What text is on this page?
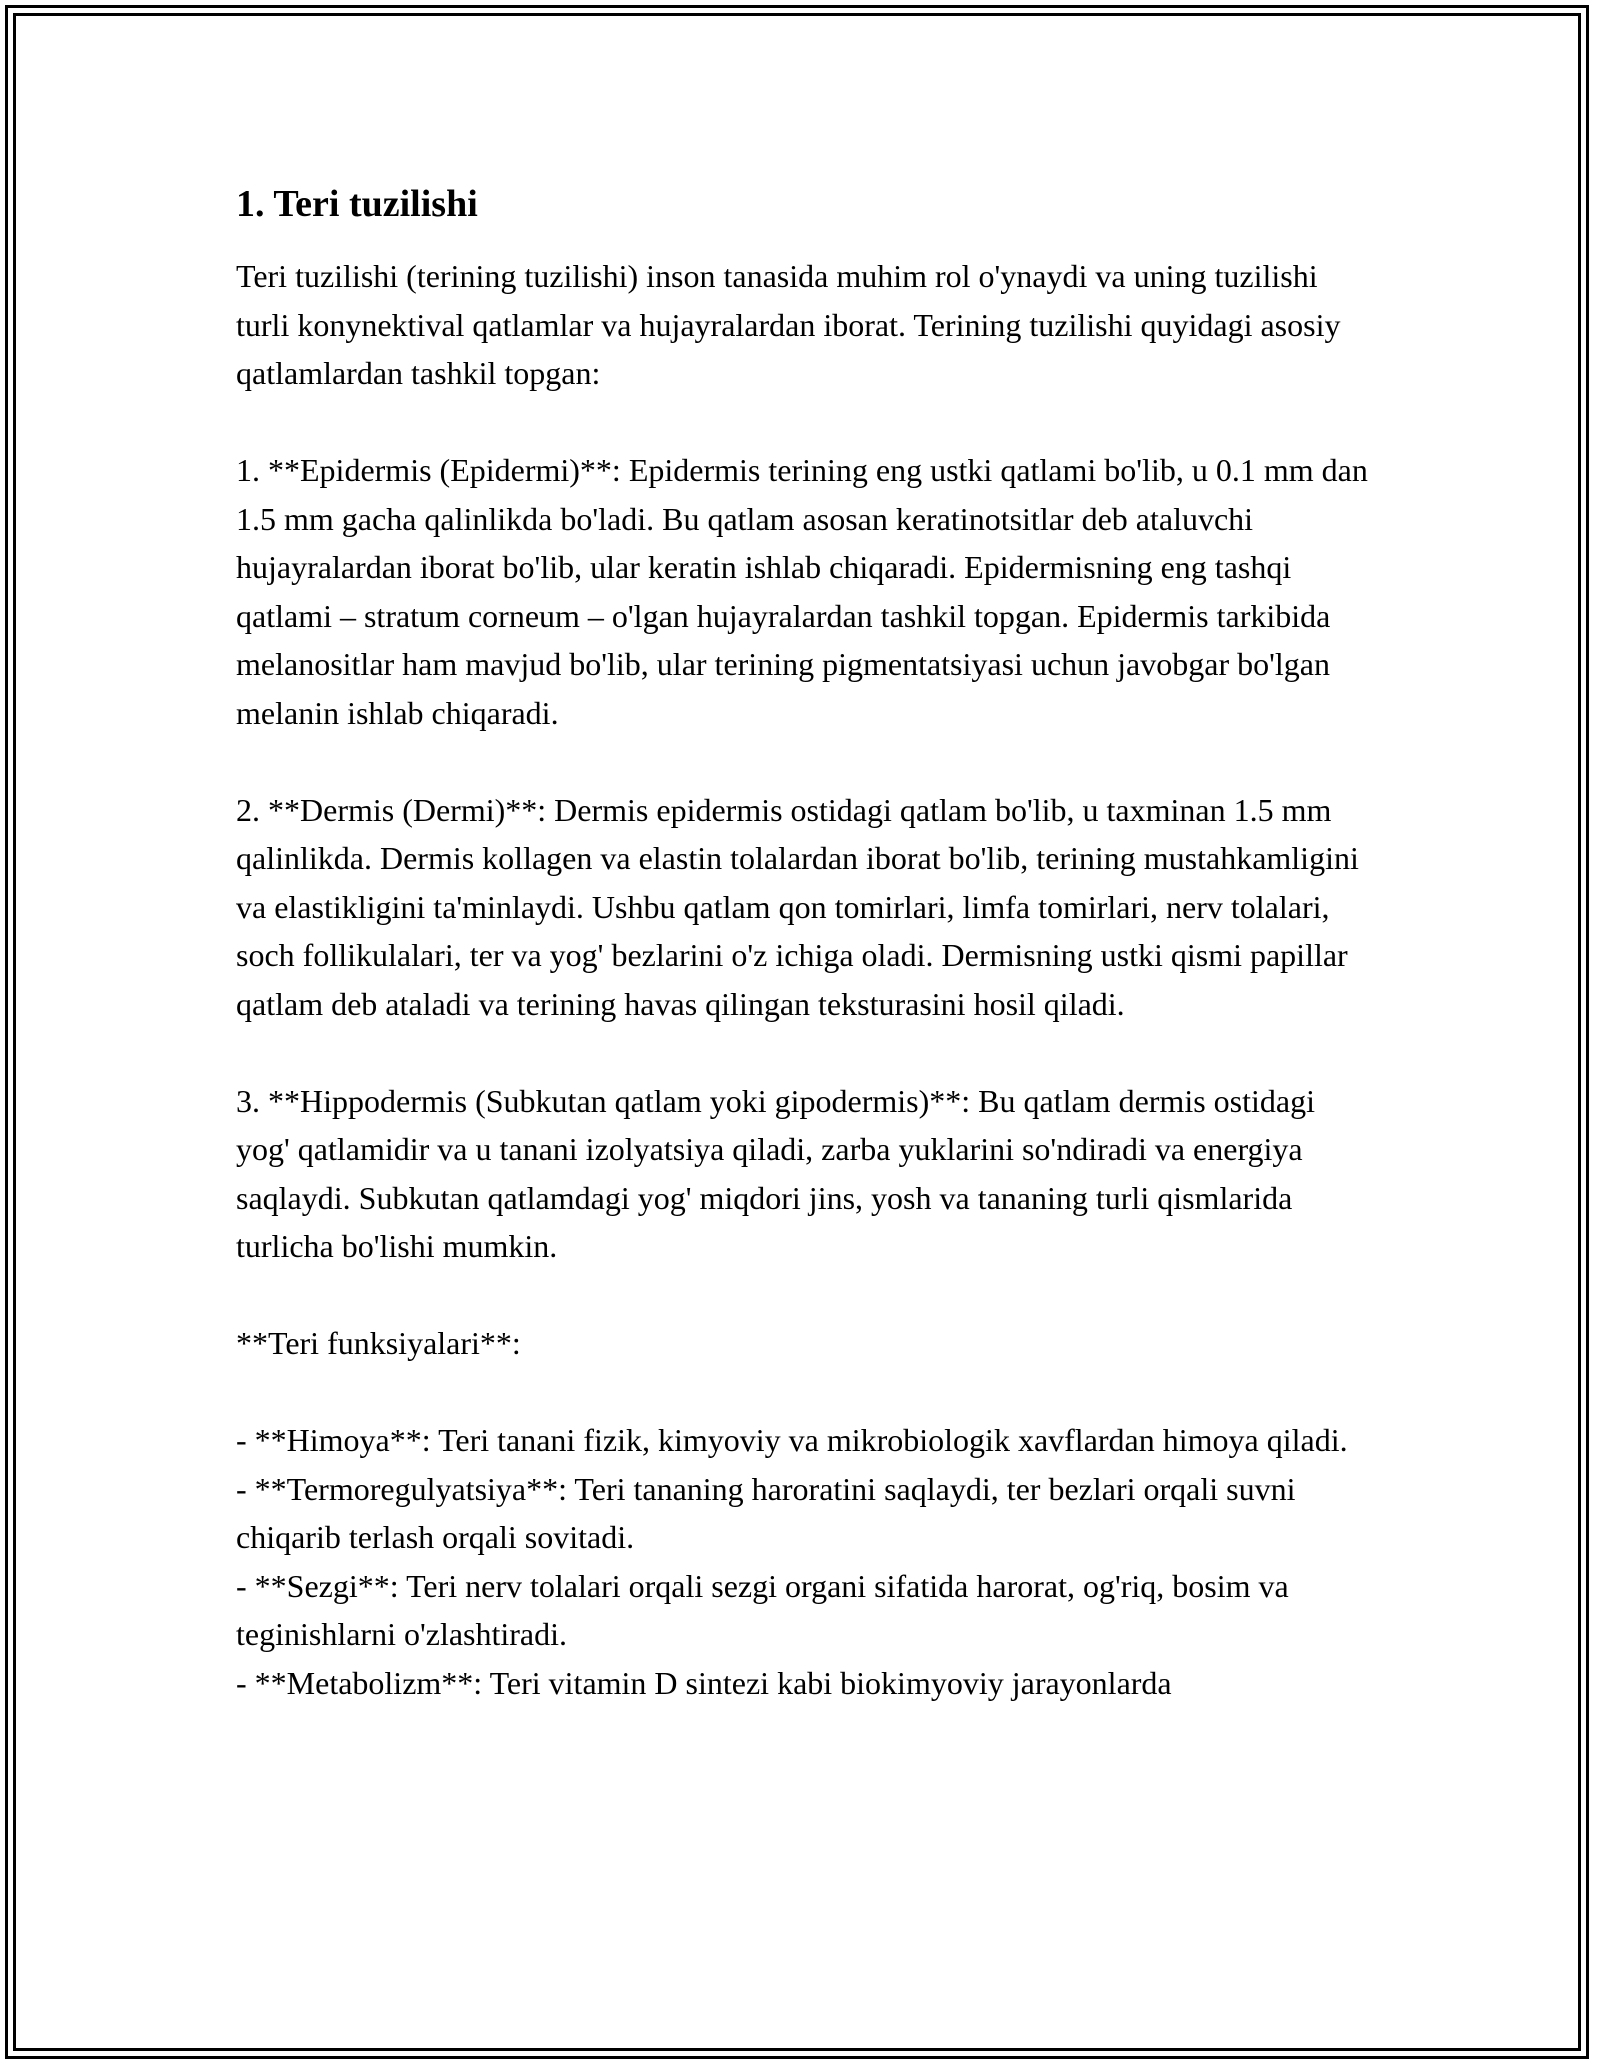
1. Teri tuzilishi

Teri tuzilishi (terining tuzilishi) inson tanasida muhim rol o'ynaydi va uning tuzilishi turli konynektival qatlamlar va hujayralardan iborat. Terining tuzilishi quyidagi asosiy qatlamlardan tashkil topgan:

1. **Epidermis (Epidermi)**: Epidermis terining eng ustki qatlami bo'lib, u 0.1 mm dan 1.5 mm gacha qalinlikda bo'ladi. Bu qatlam asosan keratinotsitlar deb ataluvchi hujayralardan iborat bo'lib, ular keratin ishlab chiqaradi. Epidermisning eng tashqi qatlami – stratum corneum – o'lgan hujayralardan tashkil topgan. Epidermis tarkibida melanositlar ham mavjud bo'lib, ular terining pigmentatsiyasi uchun javobgar bo'lgan melanin ishlab chiqaradi.

2. **Dermis (Dermi)**: Dermis epidermis ostidagi qatlam bo'lib, u taxminan 1.5 mm qalinlikda. Dermis kollagen va elastin tolalardan iborat bo'lib, terining mustahkamligini va elastikligini ta'minlaydi. Ushbu qatlam qon tomirlari, limfa tomirlari, nerv tolalari, soch follikulalari, ter va yog' bezlarini o'z ichiga oladi. Dermisning ustki qismi papillar qatlam deb ataladi va terining havas qilingan teksturasini hosil qiladi.

3. **Hippodermis (Subkutan qatlam yoki gipodermis)**: Bu qatlam dermis ostidagi yog' qatlamidir va u tanani izolyatsiya qiladi, zarba yuklarini so'ndiradi va energiya saqlaydi. Subkutan qatlamdagi yog' miqdori jins, yosh va tananing turli qismlarida turlicha bo'lishi mumkin.

**Teri funksiyalari**:

- **Himoya**: Teri tanani fizik, kimyoviy va mikrobiologik xavflardan himoya qiladi.

- **Termoregulyatsiya**: Teri tananing haroratini saqlaydi, ter bezlari orqali suvni chiqarib terlash orqali sovitadi.

- **Sezgi**: Teri nerv tolalari orqali sezgi organi sifatida harorat, og'riq, bosim va teginishlarni o'zlashtiradi.

- **Metabolizm**: Teri vitamin D sintezi kabi biokimyoviy jarayonlarda
